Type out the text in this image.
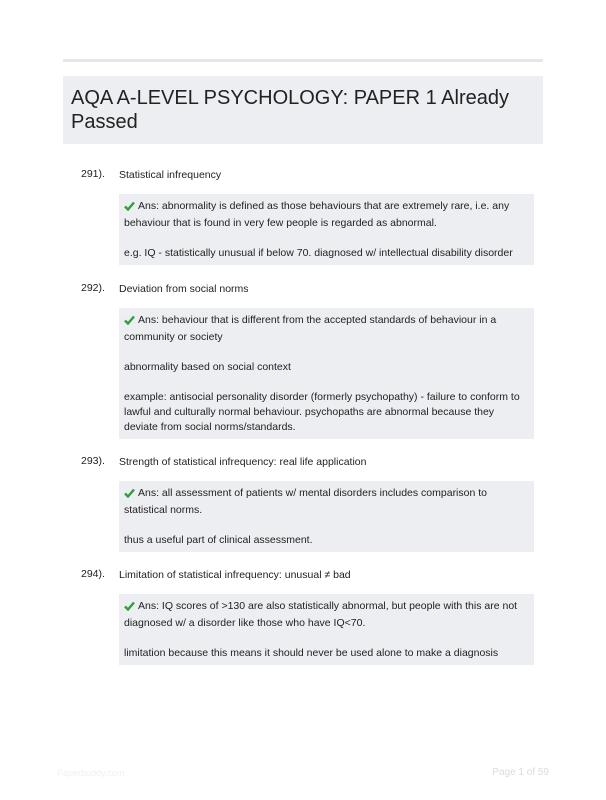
AQA A-LEVEL PSYCHOLOGY: PAPER 1 Already Passed
291). Statistical infrequency

Ans: abnormality is defined as those behaviours that are extremely rare, i.e. any behaviour that is found in very few people is regarded as abnormal.

e.g. IQ - statistically unusual if below 70. diagnosed w/ intellectual disability disorder

292). Deviation from social norms

Ans: behaviour that is different from the accepted standards of behaviour in a community or society

abnormality based on social context

example: antisocial personality disorder (formerly psychopathy) - failure to conform to lawful and culturally normal behaviour. psychopaths are abnormal because they deviate from social norms/standards.

293). Strength of statistical infrequency: real life application

Ans: all assessment of patients w/ mental disorders includes comparison to statistical norms.

thus a useful part of clinical assessment.

294). Limitation of statistical infrequency: unusual ≠ bad

Ans: IQ scores of >130 are also statistically abnormal, but people with this are not diagnosed w/ a disorder like those who have IQ<70.

limitation because this means it should never be used alone to make a diagnosis

Paperbuddy.com	Page 1 of 59
